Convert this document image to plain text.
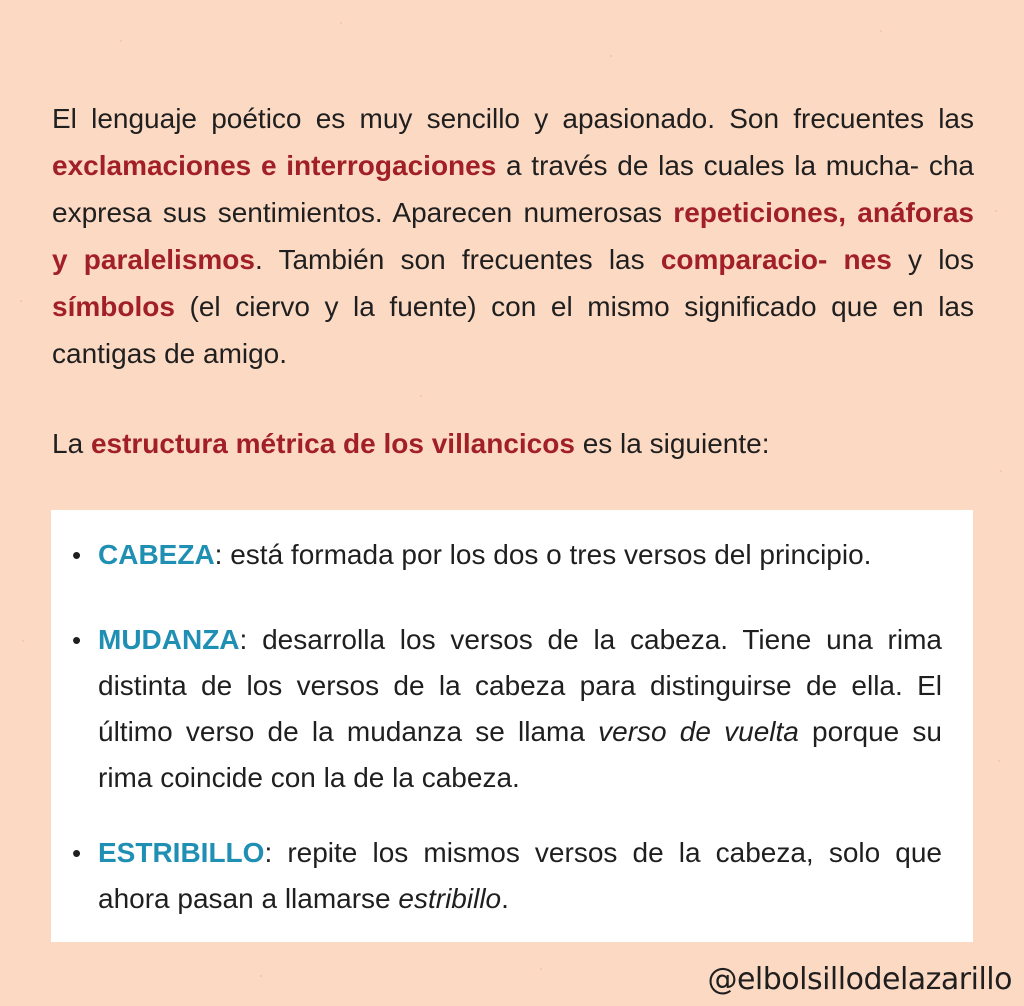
El lenguaje poético es muy sencillo y apasionado. Son frecuentes las exclamaciones e interrogaciones a través de las cuales la mucha- cha expresa sus sentimientos. Aparecen numerosas repeticiones, anáforas y paralelismos. También son frecuentes las comparacio- nes y los símbolos (el ciervo y la fuente) con el mismo significado que en las cantigas de amigo.

La estructura métrica de los villancicos es la siguiente:

• CABEZA: está formada por los dos o tres versos del principio.
• MUDANZA: desarrolla los versos de la cabeza. Tiene una rima distinta de los versos de la cabeza para distinguirse de ella. El último verso de la mudanza se llama verso de vuelta porque su rima coincide con la de la cabeza.
• ESTRIBILLO: repite los mismos versos de la cabeza, solo que ahora pasan a llamarse estribillo.
@elbolsillodelazarillo
